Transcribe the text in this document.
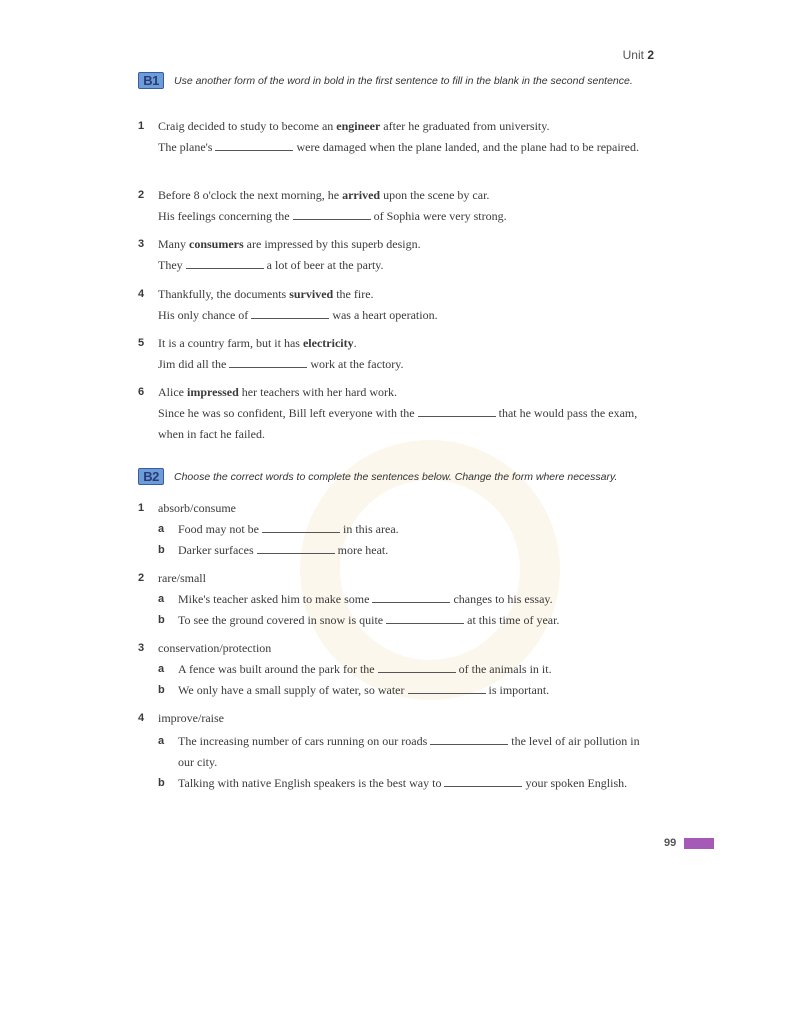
Unit 2
B1 Use another form of the word in bold in the first sentence to fill in the blank in the second sentence.
1 Craig decided to study to become an engineer after he graduated from university.
The plane's	were damaged when the plane landed, and the plane had to be repaired.
2 Before 8 o'clock the next morning, he arrived upon the scene by car.
His feelings concerning the	of Sophia were very strong.
3 Many consumers are impressed by this superb design.
They	a lot of beer at the party.
4 Thankfully, the documents survived the fire.
His only chance of	was a heart operation.
5 It is a country farm, but it has electricity.
Jim did all the	work at the factory.
6 Alice impressed her teachers with her hard work.
Since he was so confident, Bill left everyone with the	that he would pass the exam, when in fact he failed.
B2 Choose the correct words to complete the sentences below. Change the form where necessary.
1 absorb/consume
a Food may not be	in this area.
b Darker surfaces	more heat.
2 rare/small
a Mike's teacher asked him to make some	changes to his essay.
b To see the ground covered in snow is quite	at this time of year.
3 conservation/protection
a A fence was built around the park for the	of the animals in it.
b We only have a small supply of water, so water	is important.
4 improve/raise
a The increasing number of cars running on our roads	the level of air pollution in our city.
b Talking with native English speakers is the best way to	your spoken English.
99
